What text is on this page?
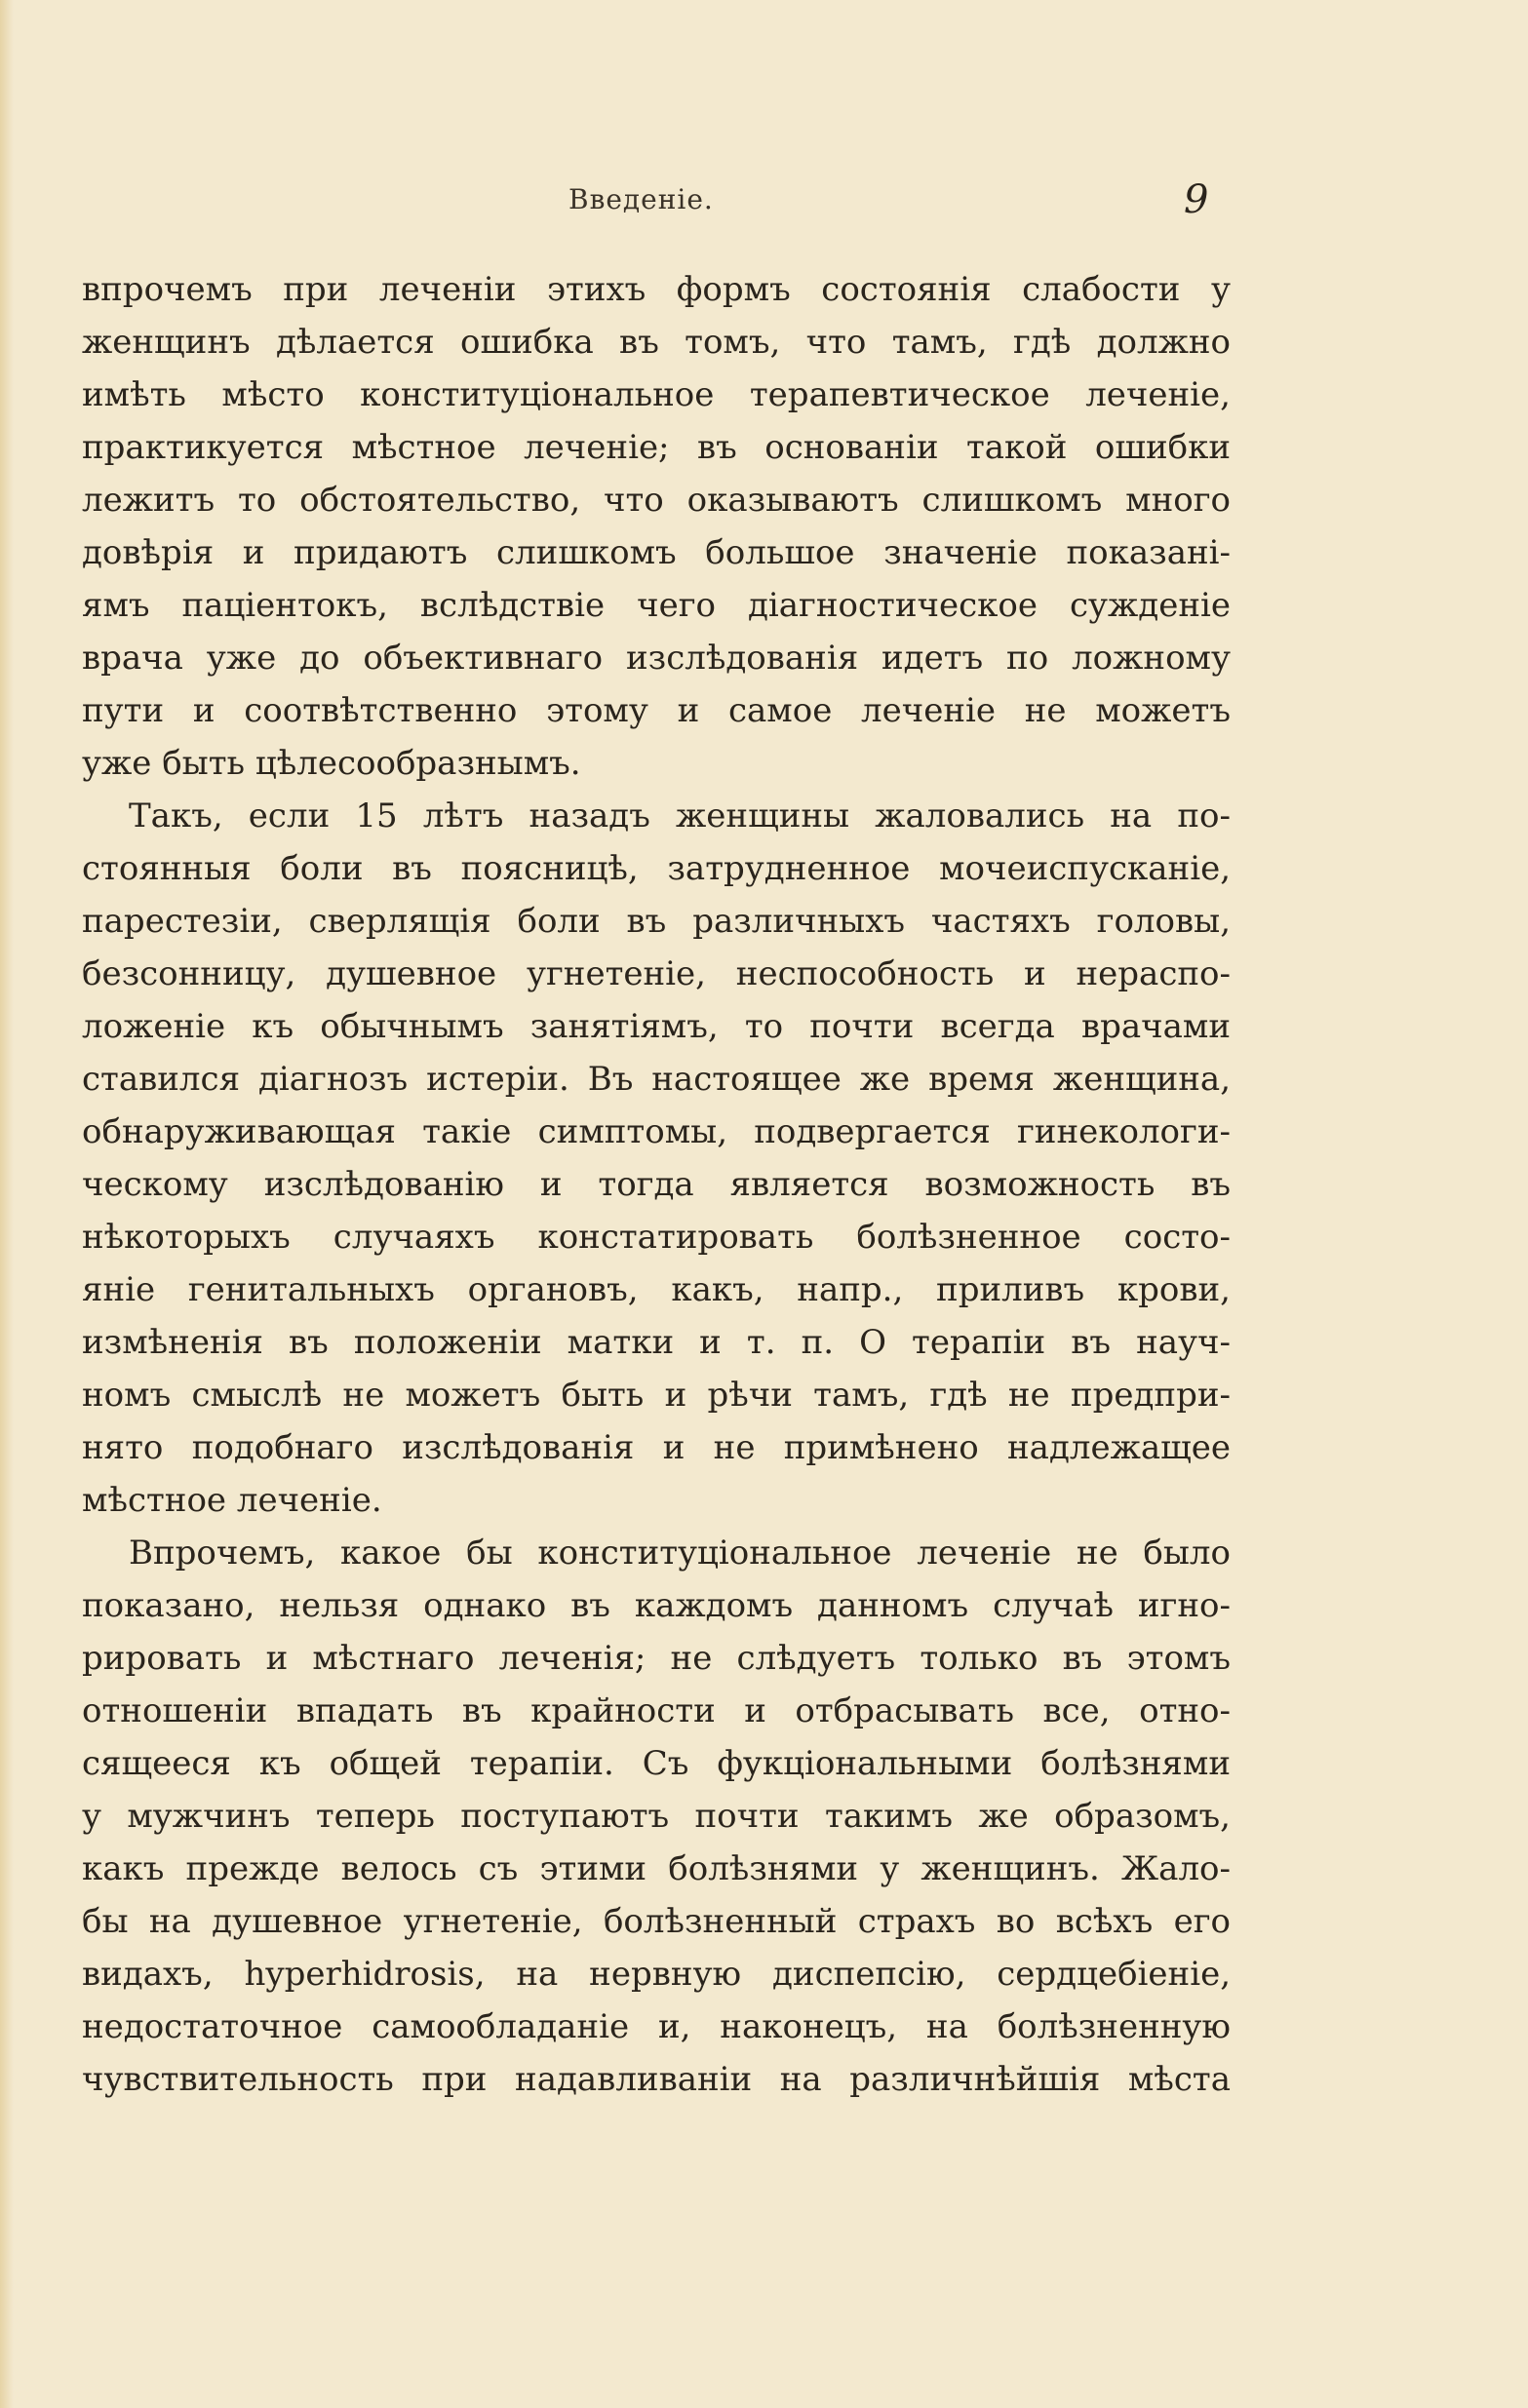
Введеніе.	9
впрочемъ при леченіи этихъ формъ состоянія слабости у
женщинъ дѣлается ошибка въ томъ, что тамъ, гдѣ должно
имѣть мѣсто конституціональное терапевтическое леченіе,
практикуется мѣстное леченіе; въ основаніи такой ошибки
лежитъ то обстоятельство, что оказываютъ слишкомъ много
довѣрія и придаютъ слишкомъ большое значеніе показані-
ямъ паціентокъ, вслѣдствіе чего діагностическое сужденіе
врача уже до объективнаго изслѣдованія идетъ по ложному
пути и соотвѣтственно этому и самое леченіе не можетъ
уже быть цѣлесообразнымъ.
Такъ, если 15 лѣтъ назадъ женщины жаловались на по-
стоянныя боли въ поясницѣ, затрудненное мочеиспусканіе,
парестезіи, сверлящія боли въ различныхъ частяхъ головы,
безсонницу, душевное угнетеніе, неспособность и нераспо-
ложеніе къ обычнымъ занятіямъ, то почти всегда врачами
ставился діагнозъ истеріи. Въ настоящее же время женщина,
обнаруживающая такіе симптомы, подвергается гинекологи-
ческому изслѣдованію и тогда является возможность въ
нѣкоторыхъ случаяхъ констатировать болѣзненное состо-
яніе генитальныхъ органовъ, какъ, напр., приливъ крови,
измѣненія въ положеніи матки и т. п. О терапіи въ науч-
номъ смыслѣ не можетъ быть и рѣчи тамъ, гдѣ не предпри-
нято подобнаго изслѣдованія и не примѣнено надлежащее
мѣстное леченіе.
Впрочемъ, какое бы конституціональное леченіе не было
показано, нельзя однако въ каждомъ данномъ случаѣ игно-
рировать и мѣстнаго леченія; не слѣдуетъ только въ этомъ
отношеніи впадать въ крайности и отбрасывать все, отно-
сящееся къ общей терапіи. Съ фукціональными болѣзнями
у мужчинъ теперь поступаютъ почти такимъ же образомъ,
какъ прежде велось съ этими болѣзнями у женщинъ. Жало-
бы на душевное угнетеніе, болѣзненный страхъ во всѣхъ его
видахъ, hyperhidrosis, на нервную диспепсію, сердцебіеніе,
недостаточное самообладаніе и, наконецъ, на болѣзненную
чувствительность при надавливаніи на различнѣйшія мѣста
